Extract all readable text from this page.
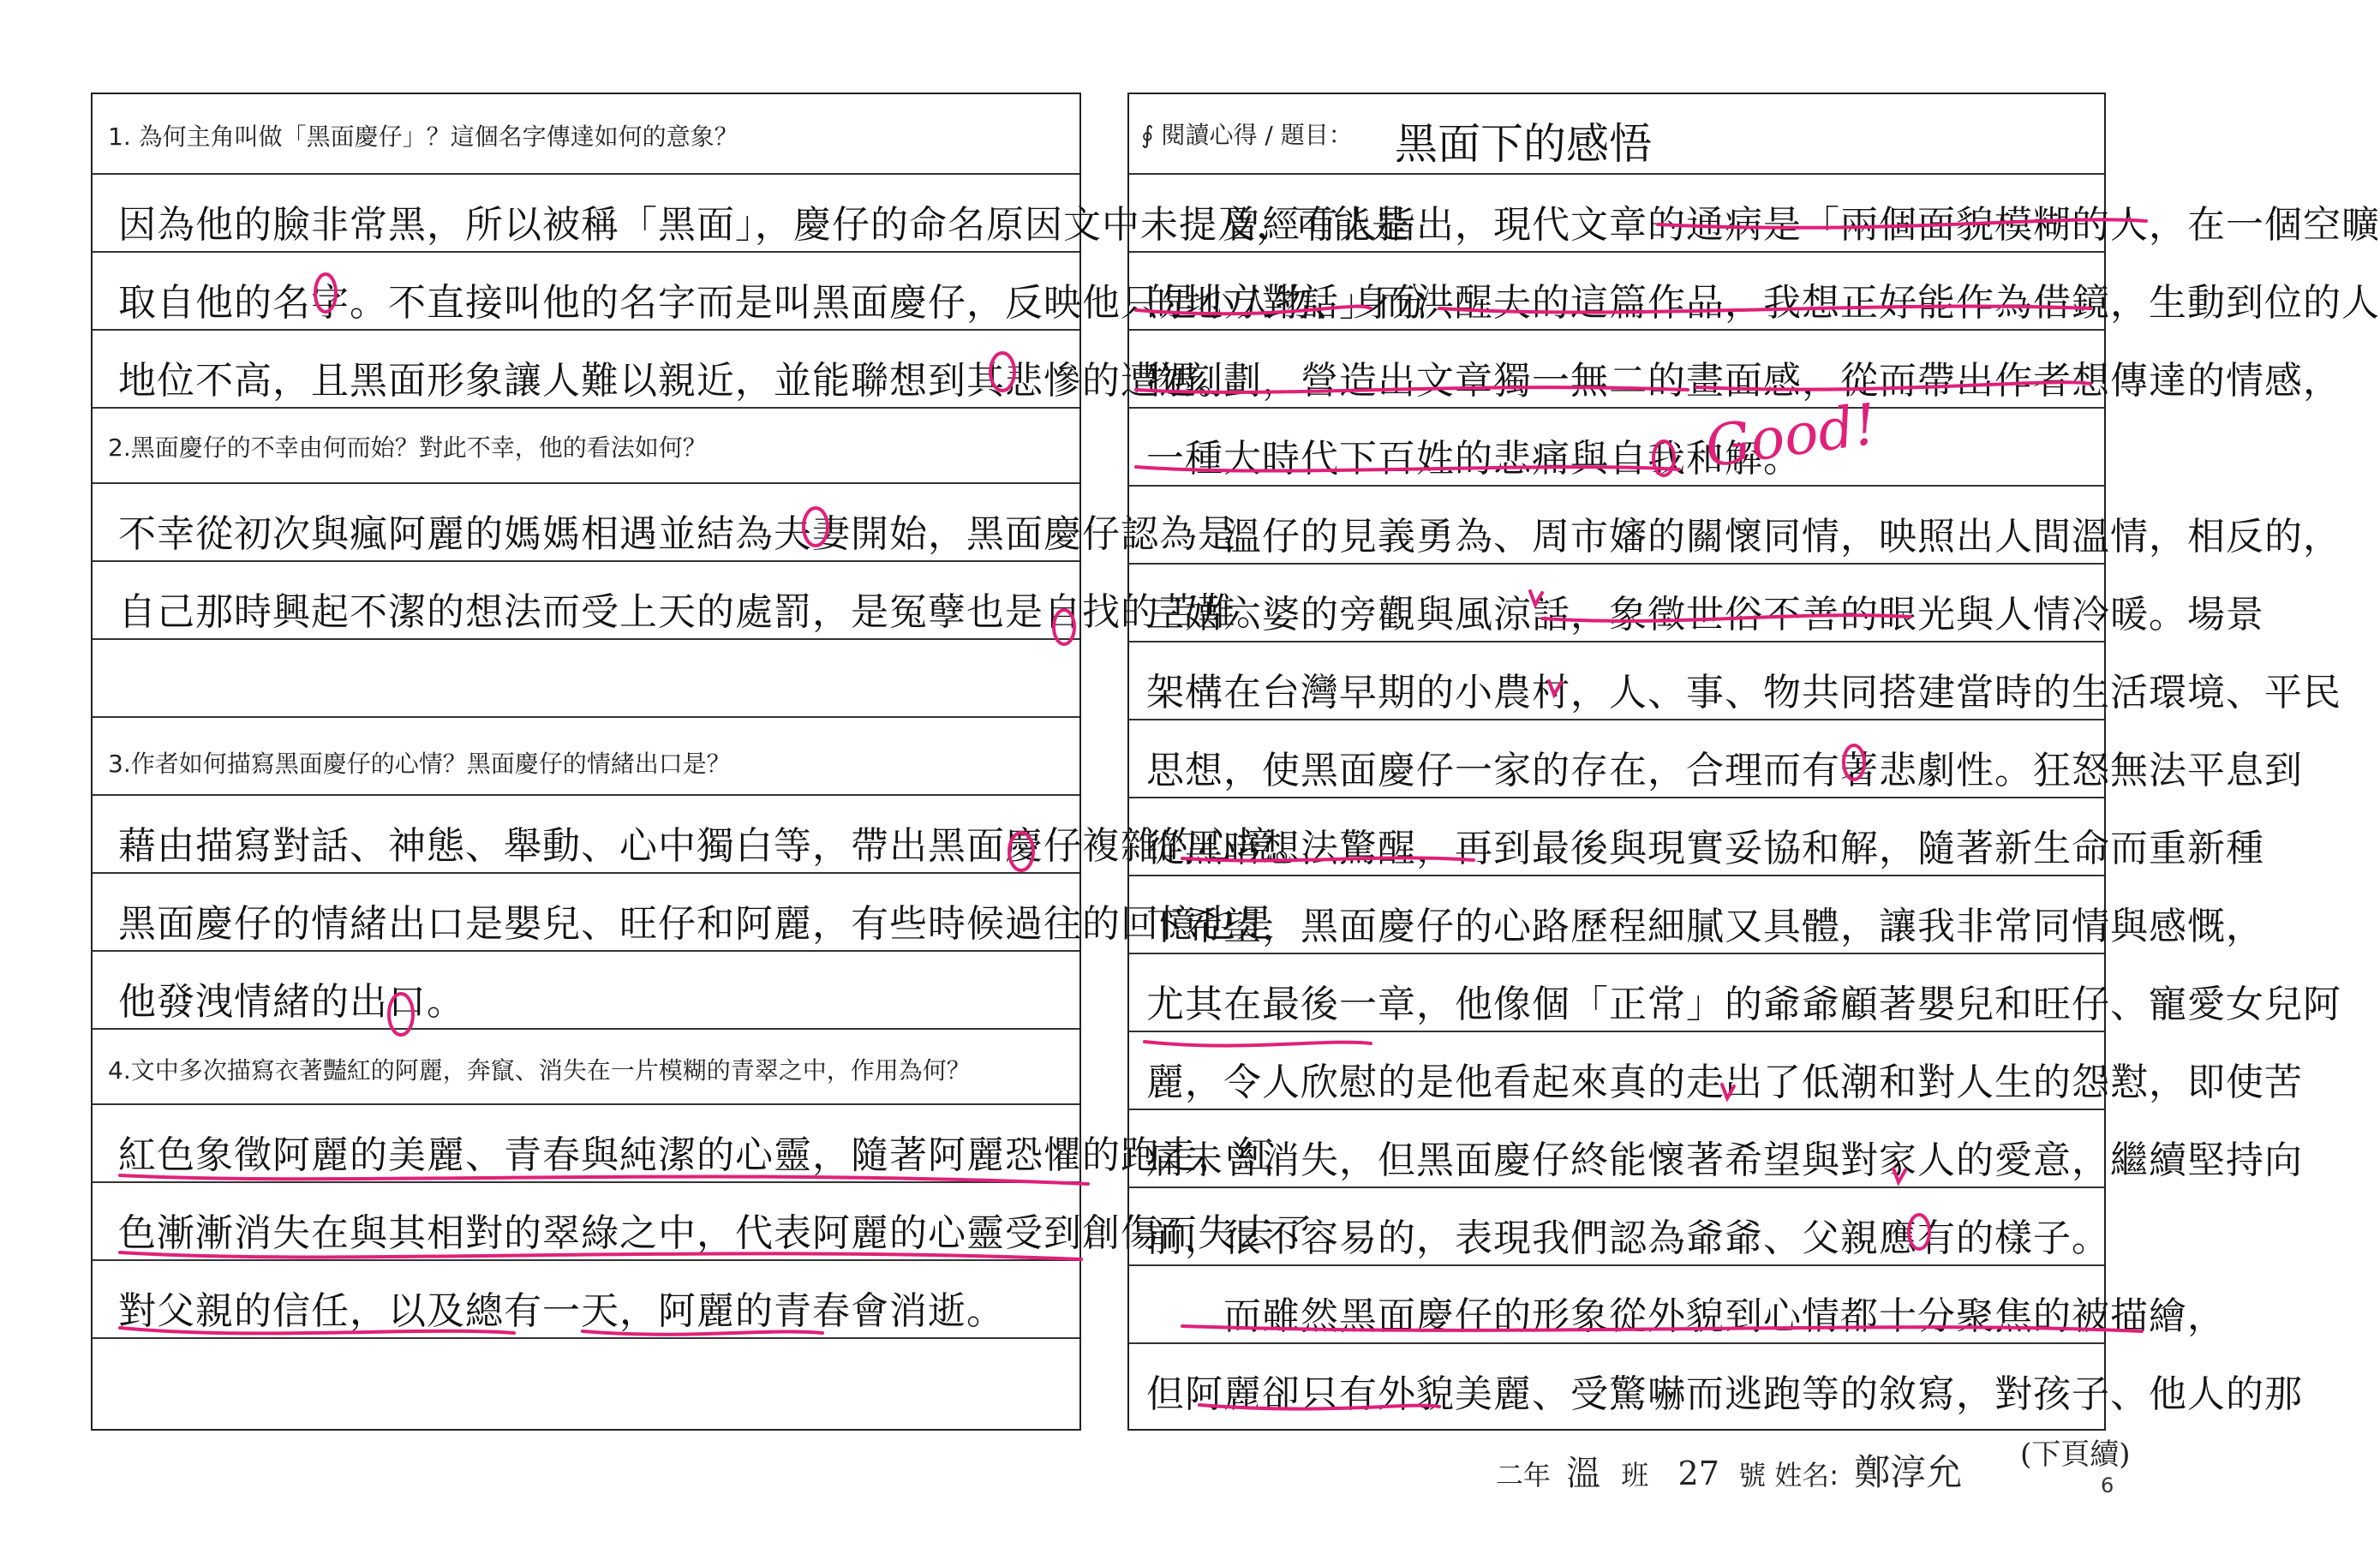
1. 為何主角叫做「黑面慶仔」？這個名字傳達如何的意象？
因為他的臉非常黑，所以被稱「黑面」，慶仔的命名原因文中未提及，可能是
取自他的名字。不直接叫他的名字而是叫黑面慶仔，反映他只是小人物、身分
地位不高，且黑面形象讓人難以親近，並能聯想到其悲慘的遭遇。
2.黑面慶仔的不幸由何而始？對此不幸，他的看法如何？
不幸從初次與瘋阿麗的媽媽相遇並結為夫妻開始，黑面慶仔認為是
自己那時興起不潔的想法而受上天的處罰，是冤孽也是自找的苦難。
3.作者如何描寫黑面慶仔的心情？黑面慶仔的情緒出口是？
藉由描寫對話、神態、舉動、心中獨白等，帶出黑面慶仔複雜的心境。
黑面慶仔的情緒出口是嬰兒、旺仔和阿麗，有些時候過往的回憶也是
他發洩情緒的出口。
4.文中多次描寫衣著豔紅的阿麗，奔竄、消失在一片模糊的青翠之中，作用為何？
紅色象徵阿麗的美麗、青春與純潔的心靈，隨著阿麗恐懼的跑走，紅
色漸漸消失在與其相對的翠綠之中，代表阿麗的心靈受到創傷而失去了
對父親的信任，以及總有一天，阿麗的青春會消逝。
∮ 閱讀心得 / 題目： 黑面下的感悟
　　曾經有人指出，現代文章的通病是「兩個面貌模糊的人，在一個空曠
的地方對話」而洪醒夫的這篇作品，我想正好能作為借鏡，生動到位的人
物刻劃，營造出文章獨一無二的畫面感，從而帶出作者想傳達的情感，
一種大時代下百姓的悲痛與自我和解。
　　溫仔的見義勇為、周市嬸的關懷同情，映照出人間溫情，相反的，
三姑六婆的旁觀與風涼話，象徵世俗不善的眼光與人情冷暖。場景
架構在台灣早期的小農村，人、事、物共同搭建當時的生活環境、平民
思想，使黑面慶仔一家的存在，合理而有著悲劇性。狂怒無法平息到
從黑暗想法驚醒，再到最後與現實妥協和解，隨著新生命而重新種
下希望，黑面慶仔的心路歷程細膩又具體，讓我非常同情與感慨，
尤其在最後一章，他像個「正常」的爺爺顧著嬰兒和旺仔、寵愛女兒阿
麗，令人欣慰的是他看起來真的走出了低潮和對人生的怨懟，即使苦
痛未曾消失，但黑面慶仔終能懷著希望與對家人的愛意，繼續堅持向
前，很不容易的，表現我們認為爺爺、父親應有的樣子。
　　而雖然黑面慶仔的形象從外貌到心情都十分聚焦的被描繪，
但阿麗卻只有外貌美麗、受驚嚇而逃跑等的敘寫，對孩子、他人的那
Good!
二年 溫 班 27 號 姓名: 鄭淳允 (下頁續)
6
